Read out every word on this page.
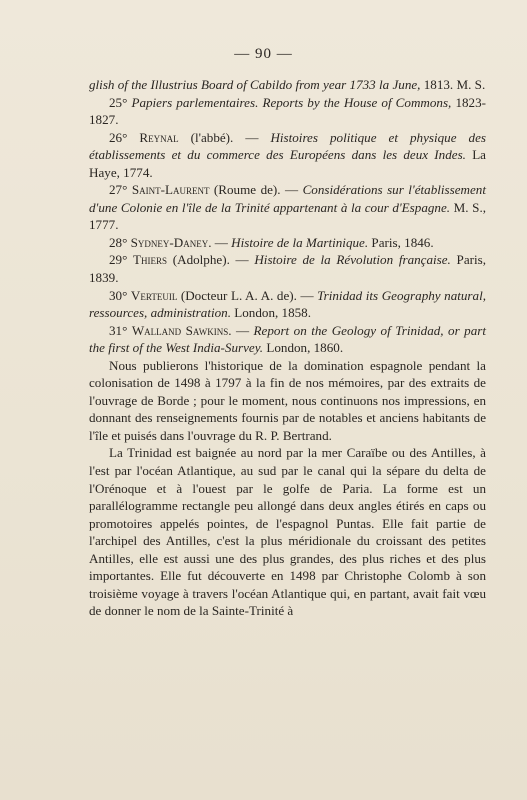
— 90 —

glish of the Illustrius Board of Cabildo from year 1733 la June, 1813. M. S.

25° Papiers parlementaires. Reports by the House of Commons, 1823-1827.

26° Reynal (l'abbé). — Histoires politique et physique des établissements et du commerce des Européens dans les deux Indes. La Haye, 1774.

27° Saint-Laurent (Roume de). — Considérations sur l'établissement d'une Colonie en l'île de la Trinité appartenant à la cour d'Espagne. M. S., 1777.

28° Sydney-Daney. — Histoire de la Martinique. Paris, 1846.

29° Thiers (Adolphe). — Histoire de la Révolution française. Paris, 1839.

30° Verteuil (Docteur L. A. A. de). — Trinidad its Geography natural, ressources, administration. London, 1858.

31° Walland Sawkins. — Report on the Geology of Trinidad, or part the first of the West India-Survey. London, 1860.

Nous publierons l'historique de la domination espagnole pendant la colonisation de 1498 à 1797 à la fin de nos mémoires, par des extraits de l'ouvrage de Borde ; pour le moment, nous continuons nos impressions, en donnant des renseignements fournis par de notables et anciens habitants de l'île et puisés dans l'ouvrage du R. P. Bertrand.

La Trinidad est baignée au nord par la mer Caraïbe ou des Antilles, à l'est par l'océan Atlantique, au sud par le canal qui la sépare du delta de l'Orénoque et à l'ouest par le golfe de Paria. La forme est un parallélogramme rectangle peu allongé dans deux angles étirés en caps ou promotoires appelés pointes, de l'espagnol Puntas. Elle fait partie de l'archipel des Antilles, c'est la plus méridionale du croissant des petites Antilles, elle est aussi une des plus grandes, des plus riches et des plus importantes. Elle fut découverte en 1498 par Christophe Colomb à son troisième voyage à travers l'océan Atlantique qui, en partant, avait fait vœu de donner le nom de la Sainte-Trinité à
